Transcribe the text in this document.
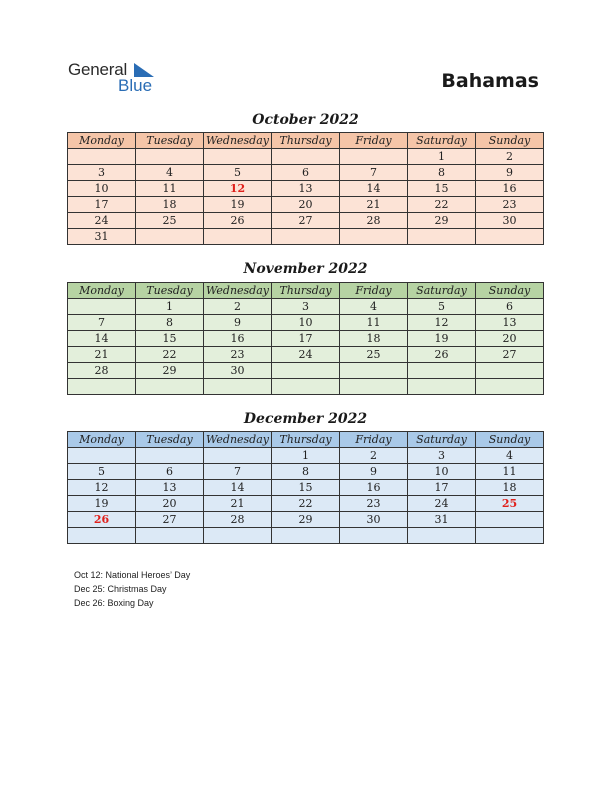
General
Blue	Bahamas
October 2022
Monday	Tuesday	Wednesday	Thursday	Friday	Saturday	Sunday
					1	2
3	4	5	6	7	8	9
10	11	12	13	14	15	16
17	18	19	20	21	22	23
24	25	26	27	28	29	30
31						
November 2022
Monday	Tuesday	Wednesday	Thursday	Friday	Saturday	Sunday
	1	2	3	4	5	6
7	8	9	10	11	12	13
14	15	16	17	18	19	20
21	22	23	24	25	26	27
28	29	30				

December 2022
Monday	Tuesday	Wednesday	Thursday	Friday	Saturday	Sunday
			1	2	3	4
5	6	7	8	9	10	11
12	13	14	15	16	17	18
19	20	21	22	23	24	25
26	27	28	29	30	31	

Oct 12: National Heroes’ Day
Dec 25: Christmas Day
Dec 26: Boxing Day
